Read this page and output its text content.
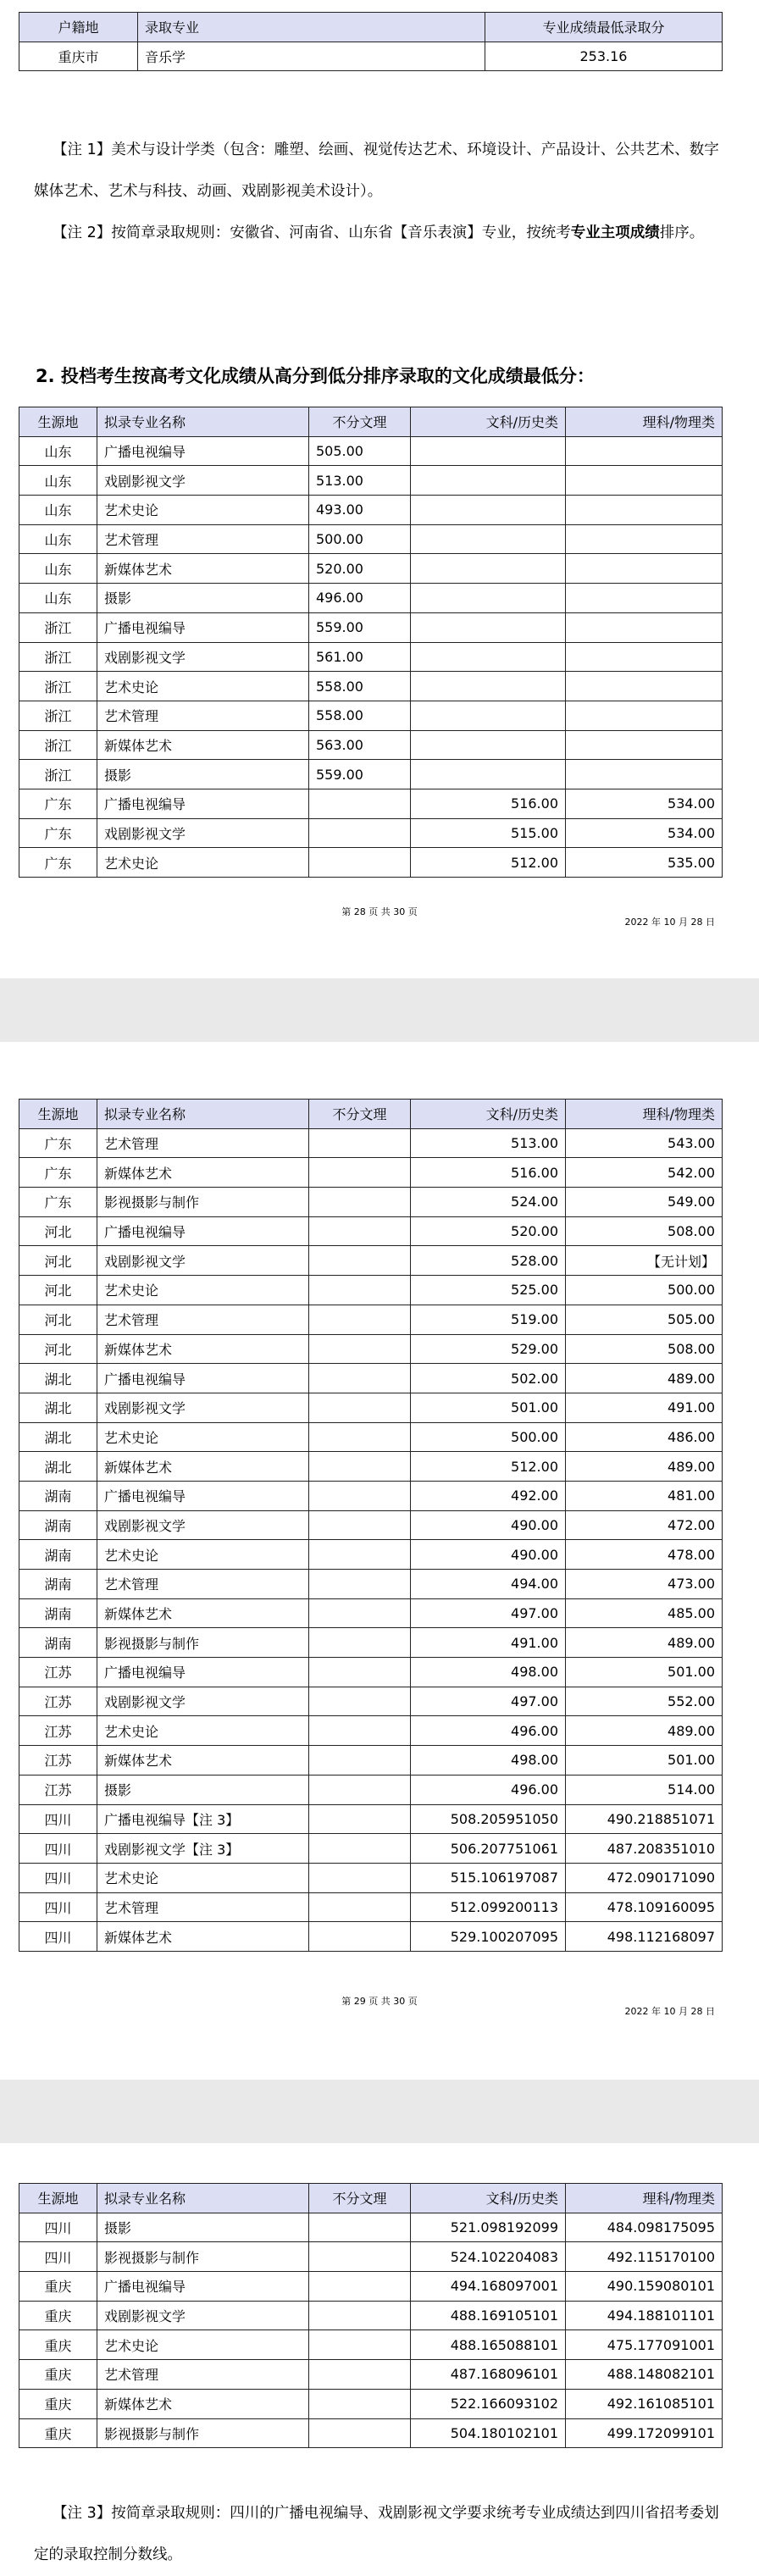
户籍地	录取专业	专业成绩最低录取分
重庆市	音乐学	253.16
【注 1】美术与设计学类（包含：雕塑、绘画、视觉传达艺术、环境设计、产品设计、公共艺术、数字媒体艺术、艺术与科技、动画、戏剧影视美术设计）。
【注 2】按简章录取规则：安徽省、河南省、山东省【音乐表演】专业，按统考专业主项成绩排序。
2. 投档考生按高考文化成绩从高分到低分排序录取的文化成绩最低分：
生源地	拟录专业名称	不分文理	文科/历史类	理科/物理类
山东	广播电视编导	505.00		
山东	戏剧影视文学	513.00		
山东	艺术史论	493.00		
山东	艺术管理	500.00		
山东	新媒体艺术	520.00		
山东	摄影	496.00		
浙江	广播电视编导	559.00		
浙江	戏剧影视文学	561.00		
浙江	艺术史论	558.00		
浙江	艺术管理	558.00		
浙江	新媒体艺术	563.00		
浙江	摄影	559.00		
广东	广播电视编导		516.00	534.00
广东	戏剧影视文学		515.00	534.00
广东	艺术史论		512.00	535.00
第 28 页 共 30 页
2022 年 10 月 28 日
生源地	拟录专业名称	不分文理	文科/历史类	理科/物理类
广东	艺术管理		513.00	543.00
广东	新媒体艺术		516.00	542.00
广东	影视摄影与制作		524.00	549.00
河北	广播电视编导		520.00	508.00
河北	戏剧影视文学		528.00	【无计划】
河北	艺术史论		525.00	500.00
河北	艺术管理		519.00	505.00
河北	新媒体艺术		529.00	508.00
湖北	广播电视编导		502.00	489.00
湖北	戏剧影视文学		501.00	491.00
湖北	艺术史论		500.00	486.00
湖北	新媒体艺术		512.00	489.00
湖南	广播电视编导		492.00	481.00
湖南	戏剧影视文学		490.00	472.00
湖南	艺术史论		490.00	478.00
湖南	艺术管理		494.00	473.00
湖南	新媒体艺术		497.00	485.00
湖南	影视摄影与制作		491.00	489.00
江苏	广播电视编导		498.00	501.00
江苏	戏剧影视文学		497.00	552.00
江苏	艺术史论		496.00	489.00
江苏	新媒体艺术		498.00	501.00
江苏	摄影		496.00	514.00
四川	广播电视编导【注 3】		508.205951050	490.218851071
四川	戏剧影视文学【注 3】		506.207751061	487.208351010
四川	艺术史论		515.106197087	472.090171090
四川	艺术管理		512.099200113	478.109160095
四川	新媒体艺术		529.100207095	498.112168097
第 29 页 共 30 页
2022 年 10 月 28 日
生源地	拟录专业名称	不分文理	文科/历史类	理科/物理类
四川	摄影		521.098192099	484.098175095
四川	影视摄影与制作		524.102204083	492.115170100
重庆	广播电视编导		494.168097001	490.159080101
重庆	戏剧影视文学		488.169105101	494.188101101
重庆	艺术史论		488.165088101	475.177091001
重庆	艺术管理		487.168096101	488.148082101
重庆	新媒体艺术		522.166093102	492.161085101
重庆	影视摄影与制作		504.180102101	499.172099101
【注 3】按简章录取规则：四川的广播电视编导、戏剧影视文学要求统考专业成绩达到四川省招考委划定的录取控制分数线。
